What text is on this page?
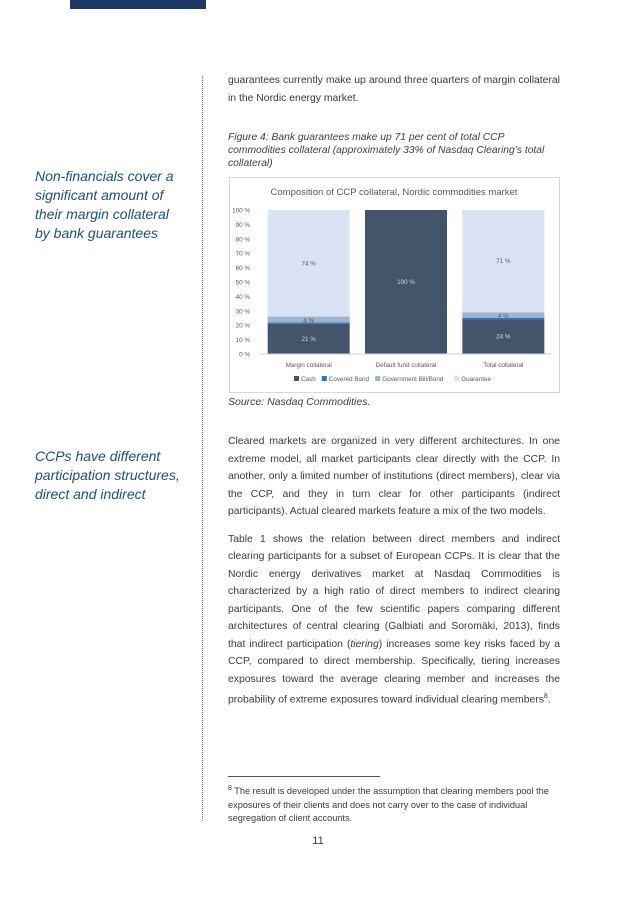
Non-financials cover a significant amount of their margin collateral by bank guarantees
CCPs have different participation structures, direct and indirect
guarantees currently make up around three quarters of margin collateral in the Nordic energy market.
Figure 4: Bank guarantees make up 71 per cent of total CCP commodities collateral (approximately 33% of Nasdaq Clearing’s total collateral)
Composition of CCP collateral, Nordic commodities market
0 %
10 %
20 %
30 %
40 %
50 %
60 %
70 %
80 %
90 %
100 %
Margin collateral	Default fund collateral	Total collateral
21 %
4 %
74 %
100 %
24 %
4 %
71 %
Cash Covered Bond Government Bill/Bond	Guarantee
Source: Nasdaq Commodities.

Cleared markets are organized in very different architectures. In one extreme model, all market participants clear directly with the CCP. In another, only a limited number of institutions (direct members), clear via the CCP, and they in turn clear for other participants (indirect participants). Actual cleared markets feature a mix of the two models.

Table 1 shows the relation between direct members and indirect clearing participants for a subset of European CCPs. It is clear that the Nordic energy derivatives market at Nasdaq Commodities is characterized by a high ratio of direct members to indirect clearing participants. One of the few scientific papers comparing different architectures of central clearing (Galbiati and Soromäki, 2013), finds that indirect participation (tiering) increases some key risks faced by a CCP, compared to direct membership. Specifically, tiering increases exposures toward the average clearing member and increases the probability of extreme exposures toward individual clearing members$^8$.

$^8$ The result is developed under the assumption that clearing members pool the exposures of their clients and does not carry over to the case of individual segregation of client accounts.
11
